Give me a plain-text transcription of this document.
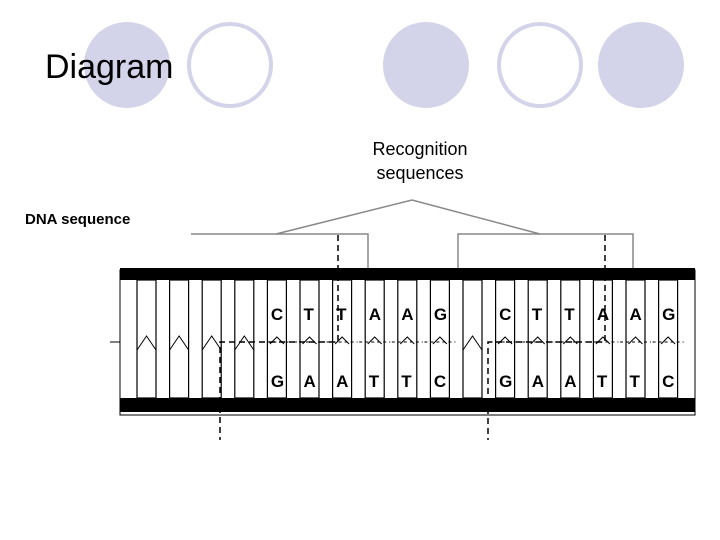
Diagram
Recognition
sequences
DNA sequence
C
G
T
A
T
A
A
T
A
T
G
C
C
G
T
A
T
A
A
T
A
T
G
C
